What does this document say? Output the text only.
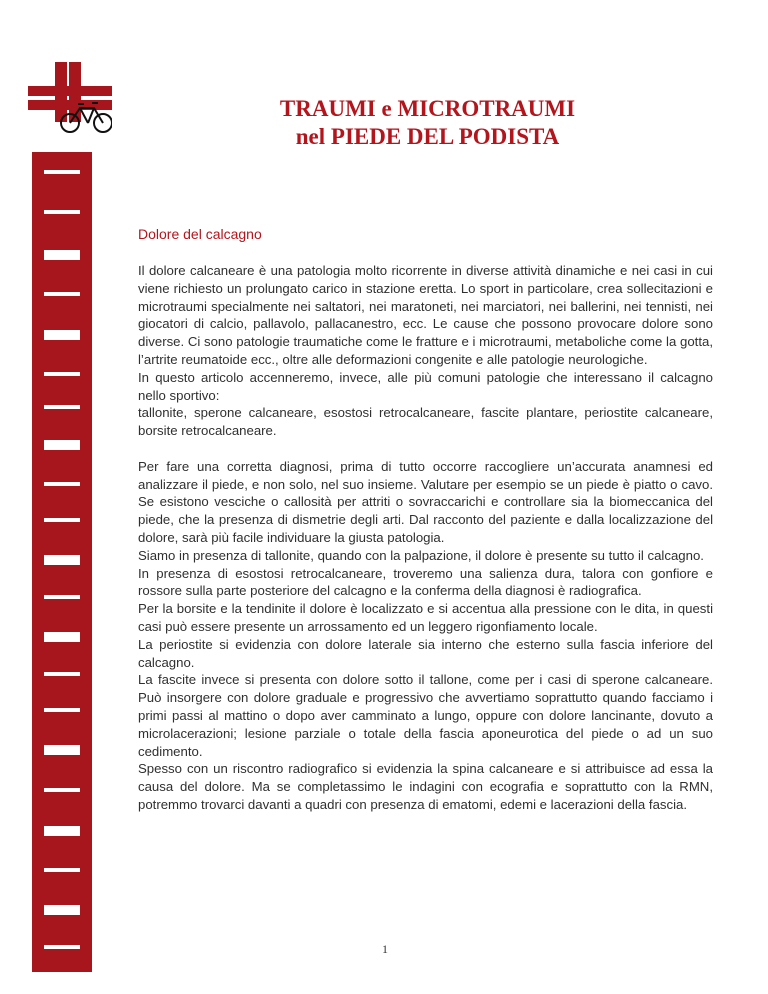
TRAUMI e MICROTRAUMI
nel PIEDE DEL PODISTA
Dolore del calcagno

Il dolore calcaneare è una patologia molto ricorrente in diverse attività dinamiche e nei casi in cui viene richiesto un prolungato carico in stazione eretta. Lo sport in particolare, crea sollecitazioni e microtraumi specialmente nei saltatori, nei maratoneti, nei marciatori, nei ballerini, nei tennisti, nei giocatori di calcio, pallavolo, pallacanestro, ecc. Le cause che possono provocare dolore sono diverse. Ci sono patologie traumatiche come le fratture e i microtraumi, metaboliche come la gotta, l’artrite reumatoide ecc., oltre alle deformazioni congenite e alle patologie neurologiche.

In questo articolo accenneremo, invece, alle più comuni patologie che interessano il calcagno nello sportivo:

tallonite, sperone calcaneare, esostosi retrocalcaneare, fascite plantare, periostite calcaneare, borsite retrocalcaneare.

Per fare una corretta diagnosi, prima di tutto occorre raccogliere un’accurata anamnesi ed analizzare il piede, e non solo, nel suo insieme. Valutare per esempio se un piede è piatto o cavo. Se esistono vesciche o callosità per attriti o sovraccarichi e controllare sia la biomeccanica del piede, che la presenza di dismetrie degli arti. Dal racconto del paziente e dalla localizzazione del dolore, sarà più facile individuare la giusta patologia.

Siamo in presenza di tallonite, quando con la palpazione, il dolore è presente su tutto il calcagno.

In presenza di esostosi retrocalcaneare, troveremo una salienza dura, talora con gonfiore e rossore sulla parte posteriore del calcagno e la conferma della diagnosi è radiografica.

Per la borsite e la tendinite il dolore è localizzato e si accentua alla pressione con le dita, in questi casi può essere presente un arrossamento ed un leggero rigonfiamento locale.

La periostite si evidenzia con dolore laterale sia interno che esterno sulla fascia inferiore del calcagno.

La fascite invece si presenta con dolore sotto il tallone, come per i casi di sperone calcaneare. Può insorgere con dolore graduale e progressivo che avvertiamo soprattutto quando facciamo i primi passi al mattino o dopo aver camminato a lungo, oppure con dolore lancinante, dovuto a microlacerazioni; lesione parziale o totale della fascia aponeurotica del piede o ad un suo cedimento.

Spesso con un riscontro radiografico si evidenzia la spina calcaneare e si attribuisce ad essa la causa del dolore. Ma se completassimo le indagini con ecografia e soprattutto con la RMN, potremmo trovarci davanti a quadri con presenza di ematomi, edemi e lacerazioni della fascia.

1
